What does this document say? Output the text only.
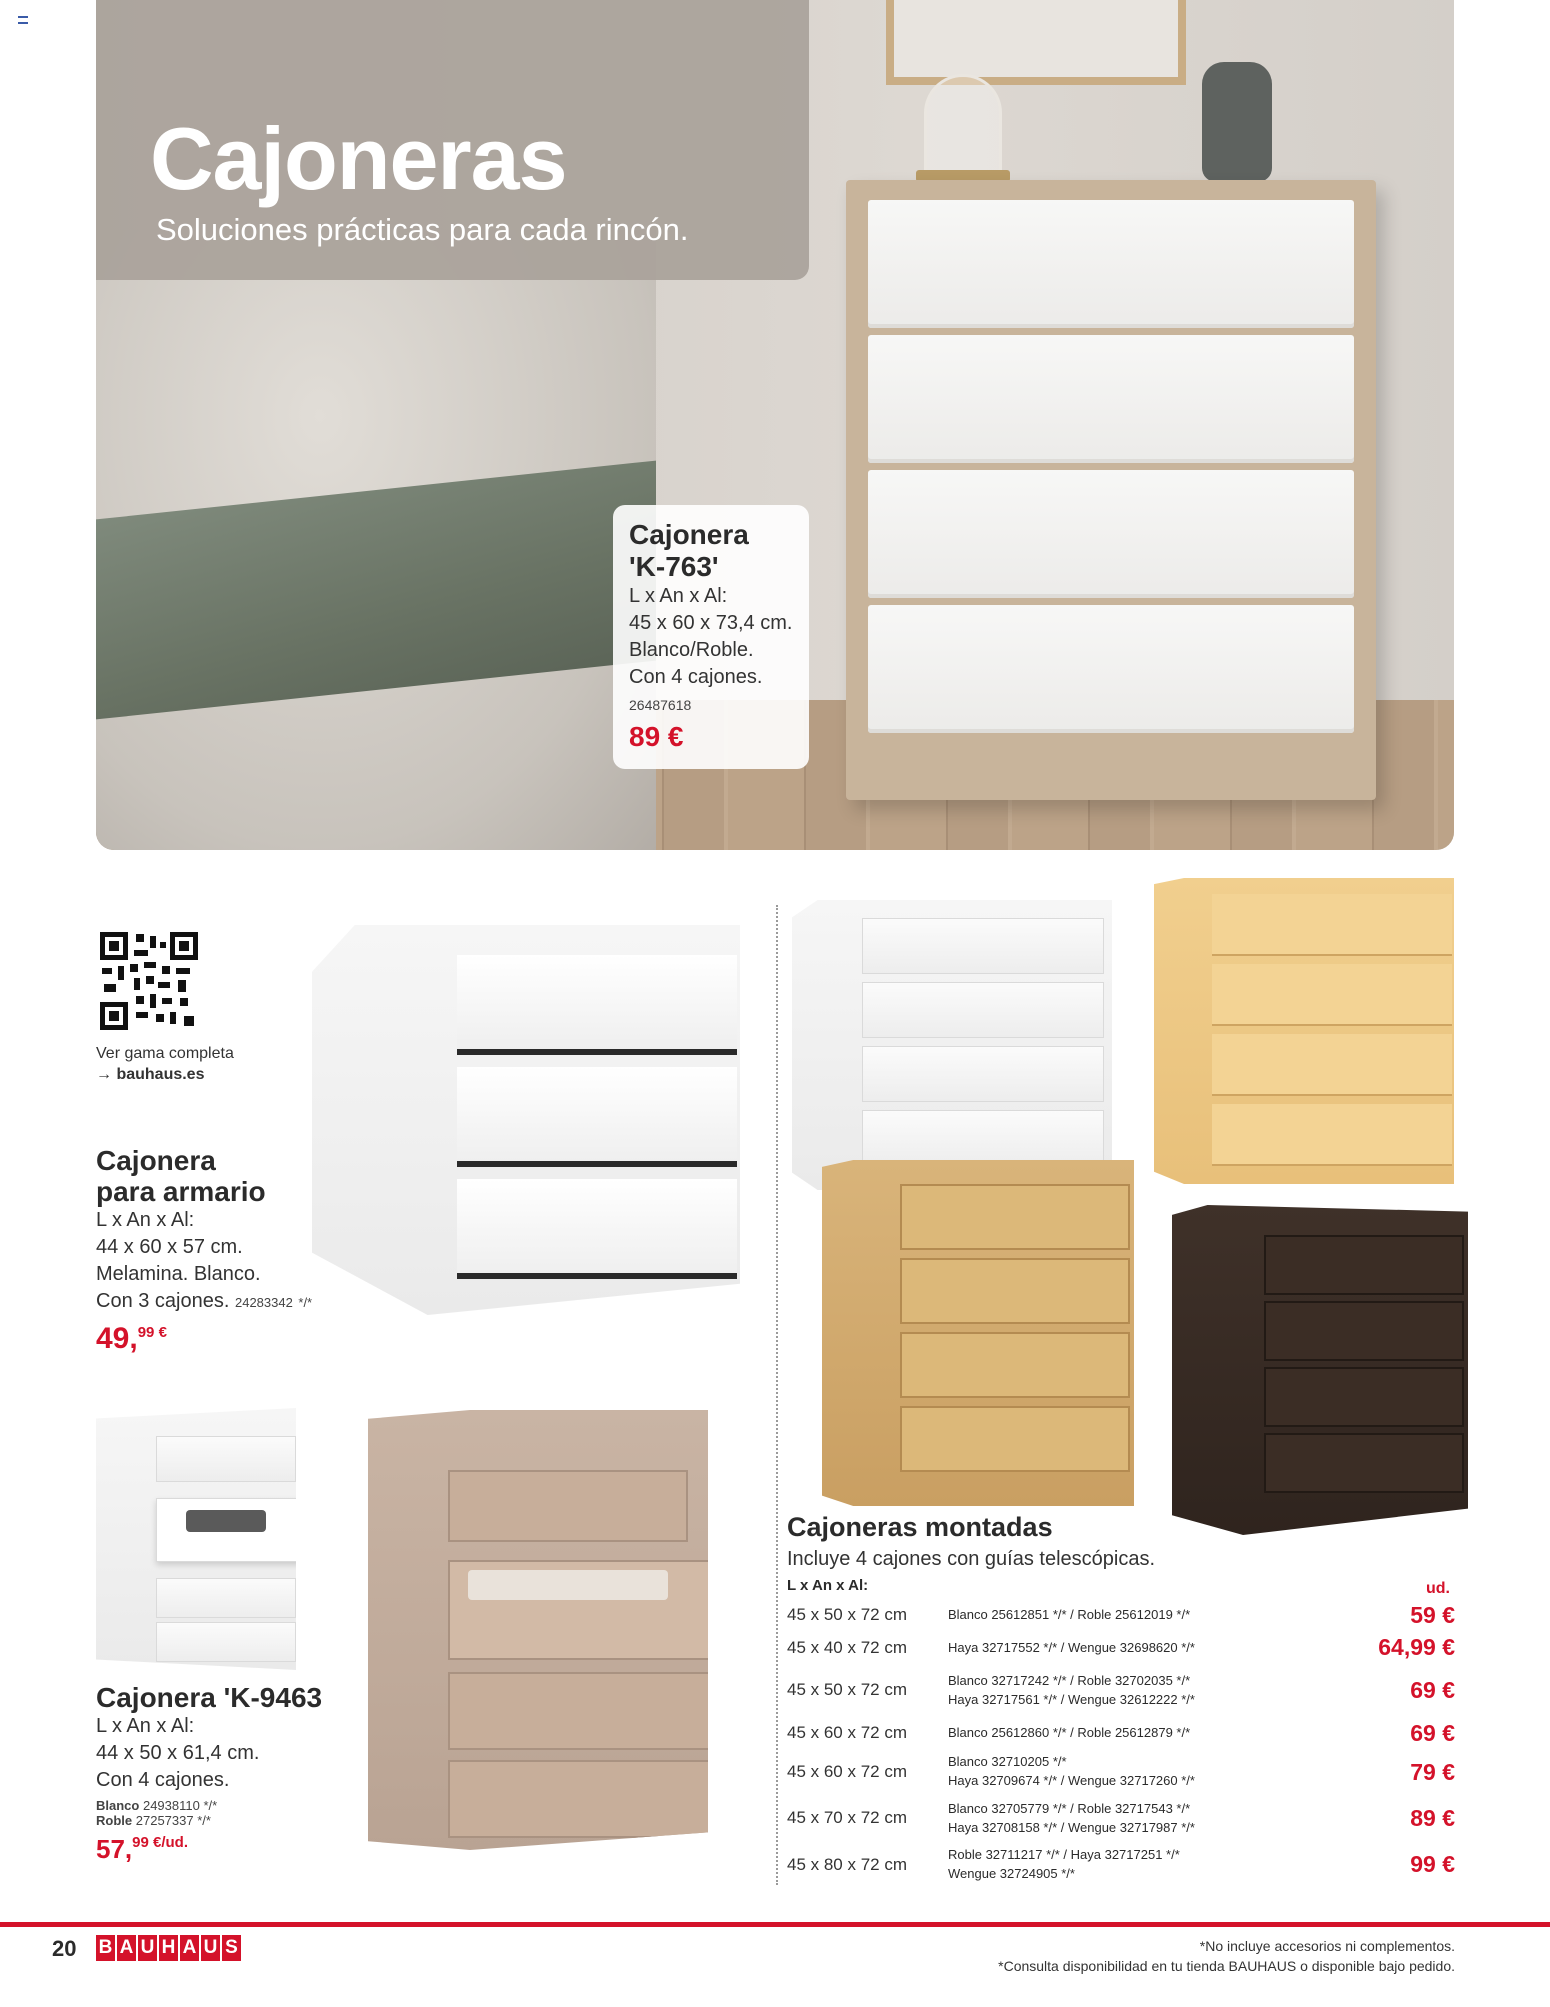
Cajoneras
Soluciones prácticas para cada rincón.
Cajonera
'K-763'
L x An x Al:
45 x 60 x 73,4 cm.
Blanco/Roble.
Con 4 cajones.
26487618
89 €
Ver gama completa
→ bauhaus.es
Cajonera
para armario
L x An x Al:
44 x 60 x 57 cm.
Melamina. Blanco.
Con 3 cajones. 24283342 */*
49,$^{99 €}$
Cajonera 'K-9463
L x An x Al:
44 x 50 x 61,4 cm.
Con 4 cajones.
Blanco 24938110 */*
Roble 27257337 */*
57,$^{99 €/ud.}$
Cajoneras montadas
Incluye 4 cajones con guías telescópicas.
L x An x Al:	ud.
45 x 50 x 72 cm	Blanco 25612851 */* / Roble 25612019 */*	59 €
45 x 40 x 72 cm	Haya 32717552 */* / Wengue 32698620 */*	64,99 €
45 x 50 x 72 cm	Blanco 32717242 */* / Roble 32702035 */*
Haya 32717561 */* / Wengue 32612222 */*	69 €
45 x 60 x 72 cm	Blanco 25612860 */* / Roble 25612879 */*	69 €
45 x 60 x 72 cm
Blanco 32710205 */*
Haya 32709674 */* / Wengue 32717260 */*	79 €
45 x 70 x 72 cm	Blanco 32705779 */* / Roble 32717543 */*
Haya 32708158 */* / Wengue 32717987 */*	89 €
45 x 80 x 72 cm
Roble 32711217 */* / Haya 32717251 */*
Wengue 32724905 */*	99 €
20 B A U H A U S	*No incluye accesorios ni complementos.
*Consulta disponibilidad en tu tienda BAUHAUS o disponible bajo pedido.
